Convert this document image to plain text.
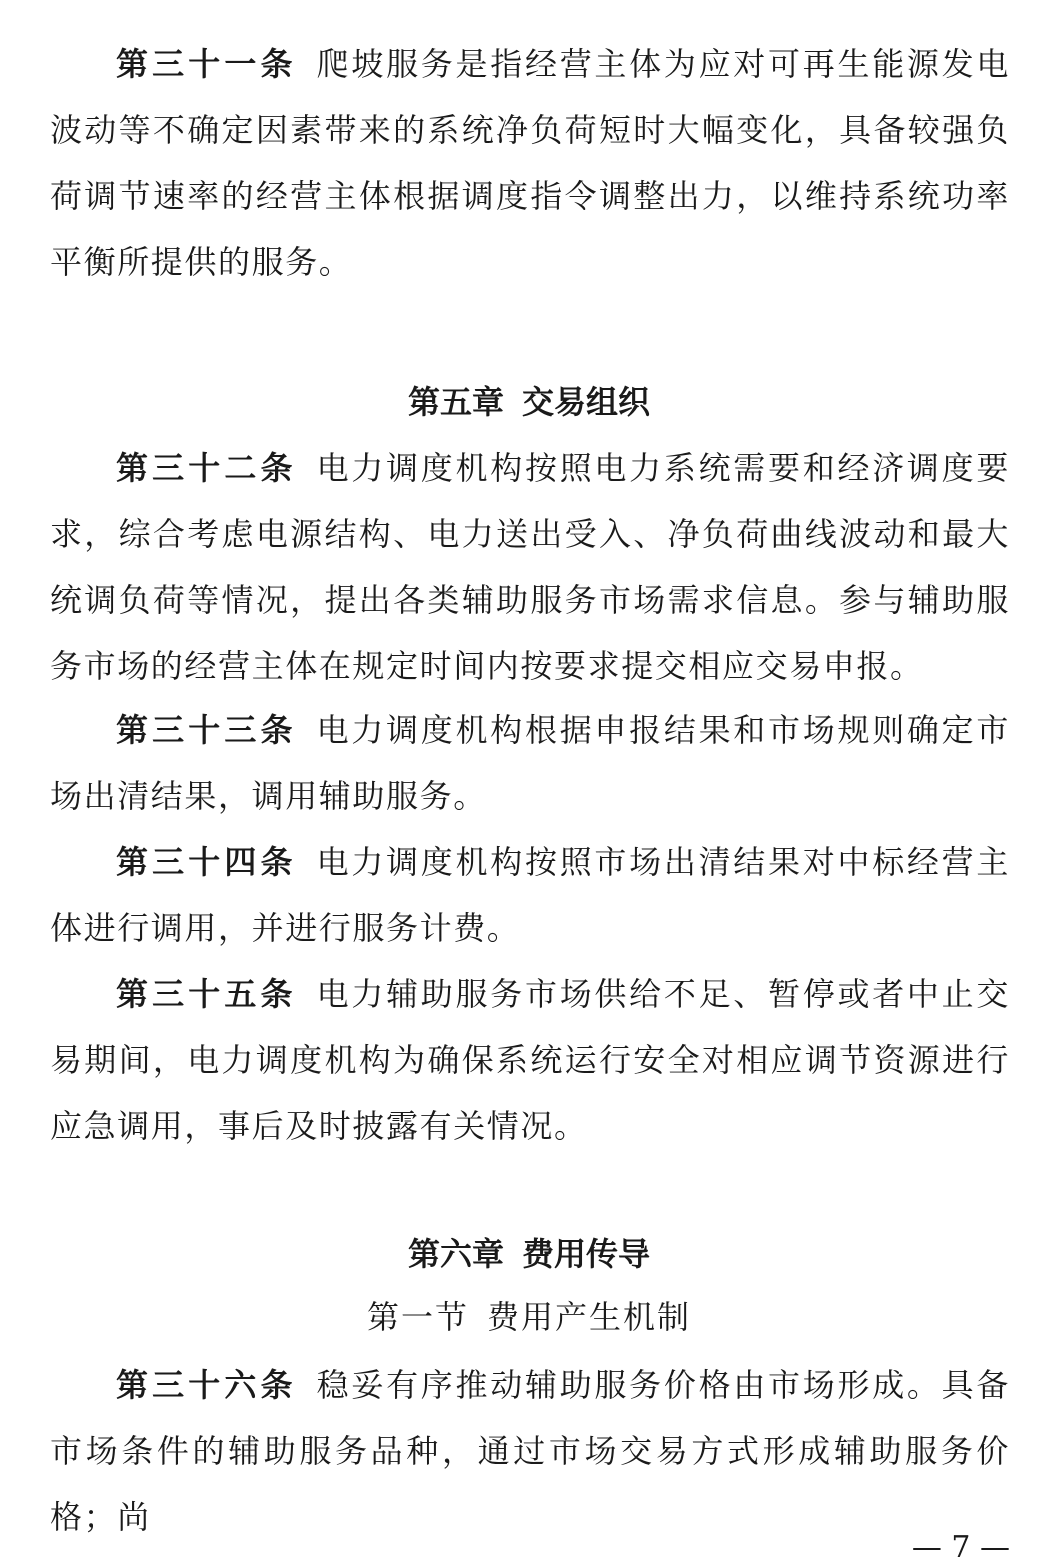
第三十一条 爬坡服务是指经营主体为应对可再生能源发电波动等不确定因素带来的系统净负荷短时大幅变化，具备较强负荷调节速率的经营主体根据调度指令调整出力，以维持系统功率平衡所提供的服务。

第五章 交易组织

第三十二条 电力调度机构按照电力系统需要和经济调度要求，综合考虑电源结构、电力送出受入、净负荷曲线波动和最大统调负荷等情况，提出各类辅助服务市场需求信息。参与辅助服务市场的经营主体在规定时间内按要求提交相应交易申报。

第三十三条 电力调度机构根据申报结果和市场规则确定市场出清结果，调用辅助服务。

第三十四条 电力调度机构按照市场出清结果对中标经营主体进行调用，并进行服务计费。

第三十五条 电力辅助服务市场供给不足、暂停或者中止交易期间，电力调度机构为确保系统运行安全对相应调节资源进行应急调用，事后及时披露有关情况。

第六章 费用传导
第一节 费用产生机制

第三十六条 稳妥有序推动辅助服务价格由市场形成。具备市场条件的辅助服务品种，通过市场交易方式形成辅助服务价格；尚

— 7 —
